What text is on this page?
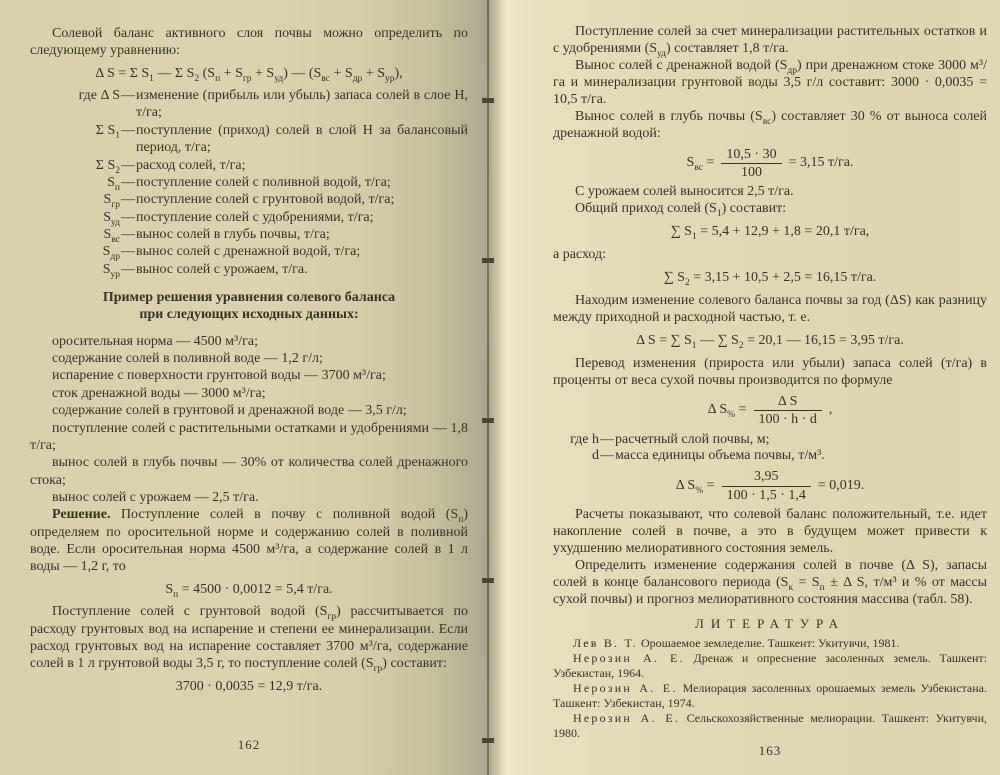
Солевой баланс активного слоя почвы можно определить по следующему уравнению:

Δ S = Σ $S_1$ — Σ $S_2$ $(S_п + S_{гр} + S_{уд})$ — $(S_{вс} + S_{др} + S_{ур})$,
где Δ S — изменение (прибыль или убыль) запаса солей в слое Н, т/га;
Σ $S_1$ — поступление (приход) солей в слой Н за балансовый период, т/га;
Σ $S_2$ — расход солей, т/га;
$S_п$ — поступление солей с поливной водой, т/га;
$S_{гр}$ — поступление солей с грунтовой водой, т/га;
$S_{уд}$ — поступление солей с удобрениями, т/га;
$S_{вс}$ — вынос солей в глубь почвы, т/га;
$S_{др}$ — вынос солей с дренажной водой, т/га;
$S_{ур}$ — вынос солей с урожаем, т/га.
Пример решения уравнения солевого баланса
при следующих исходных данных:

оросительная норма — 4500 м³/га;

содержание солей в поливной воде — 1,2 г/л;

испарение с поверхности грунтовой воды — 3700 м³/га;

сток дренажной воды — 3000 м³/га;

содержание солей в грунтовой и дренажной воде — 3,5 г/л;

поступление солей с растительными остатками и удобрениями — 1,8 т/га;

вынос солей в глубь почвы — 30% от количества солей дренажного стока;

вынос солей с урожаем — 2,5 т/га.

Решение. Поступление солей в почву с поливной водой $(S_п)$ определяем по оросительной норме и содержанию солей в поливной воде. Если оросительная норма 4500 м³/га, а содержание солей в 1 л воды — 1,2 г, то

$S_п = 4500 \cdot 0,0012 = 5,4$ т/га.

Поступление солей с грунтовой водой $(S_{гр})$ рассчитывается по расходу грунтовых вод на испарение и степени ее минерализации. Если расход грунтовых вод на испарение составляет 3700 м³/га, содержание солей в 1 л грунтовой воды 3,5 г, то поступление солей $(S_{гр})$ составит:

3700 · 0,0035 = 12,9 т/га.
162

Поступление солей за счет минерализации растительных остатков и с удобрениями $(S_{уд})$ составляет 1,8 т/га.

Вынос солей с дренажной водой $(S_{др})$ при дренажном стоке 3000 м³/га и минерализации грунтовой воды 3,5 г/л составит: 3000 · 0,0035 = 10,5 т/га.

Вынос солей в глубь почвы $(S_{вс})$ составляет 30 % от выноса солей дренажной водой:

$S_{вс} = \frac{10,5 \cdot 30}{100} = 3,15$ т/га.

С урожаем солей выносится 2,5 т/га.

Общий приход солей $(S_1)$ составит:

∑ $S_1 = 5,4 + 12,9 + 1,8 = 20,1$ т/га,

а расход:

∑ $S_2 = 3,15 + 10,5 + 2,5 = 16,15$ т/га.

Находим изменение солевого баланса почвы за год (ΔS) как разницу между приходной и расходной частью, т. е.

Δ S = ∑ $S_1$ — ∑ $S_2 = 20,1$ — 16,15 = 3,95 т/га.

Перевод изменения (прироста или убыли) запаса солей (т/га) в проценты от веса сухой почвы производится по формуле

Δ $S_{\%} = \frac{\text{Δ S}}{100 \cdot h \cdot d}$ ,
где h — расчетный слой почвы, м;
d — масса единицы объема почвы, т/м³.
Δ $S_{\%} = \frac{3,95}{100 \cdot 1,5 \cdot 1,4} = 0,019$.

Расчеты показывают, что солевой баланс положительный, т.е. идет накопление солей в почве, а это в будущем может привести к ухудшению мелиоративного состояния земель.

Определить изменение содержания солей в почве (Δ S), запасы солей в конце балансового периода ($S_к = S_п \pm \Delta$ S, т/м³ и % от массы сухой почвы) и прогноз мелиоративного состояния массива (табл. 58).

ЛИТЕРАТУРА

Лев В. Т. Орошаемое земледелие. Ташкент: Укитувчи, 1981.

Нерозин А. Е. Дренаж и опреснение засоленных земель. Ташкент: Узбекистан, 1964.

Нерозин А. Е. Мелиорация засоленных орошаемых земель Узбекистана. Ташкент: Узбекистан, 1974.

Нерозин А. Е. Сельскохозяйственные мелиорации. Ташкент: Укитувчи, 1980.

163
